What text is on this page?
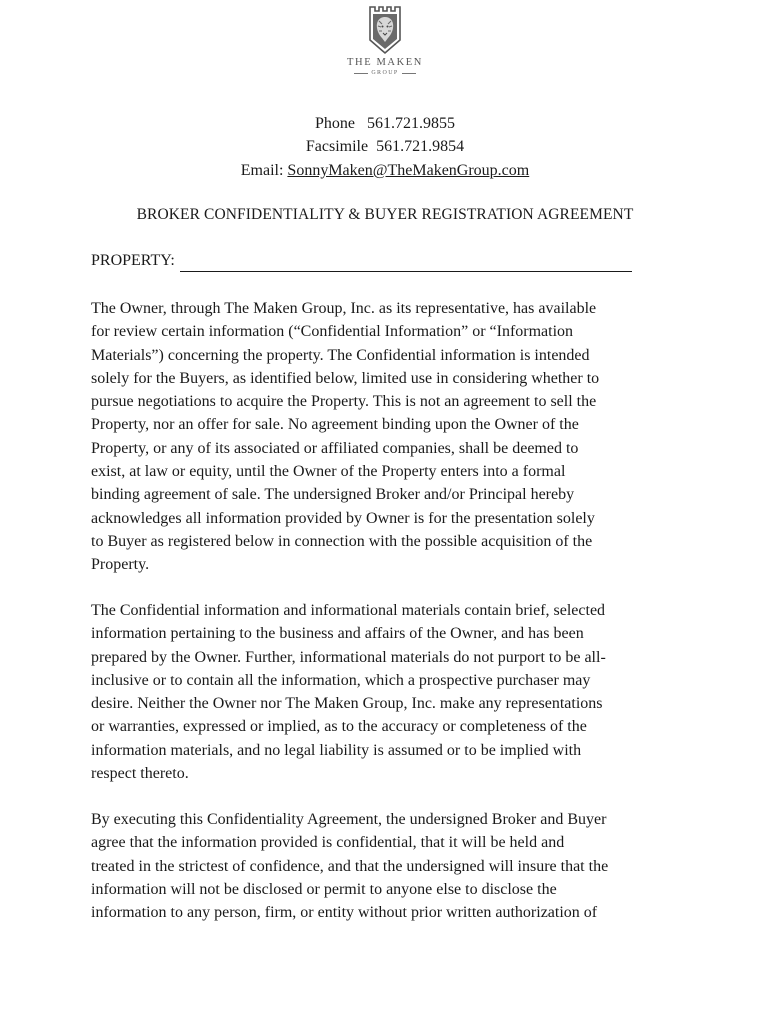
THE MAKEN
GROUP
Phone   561.721.9855
Facsimile  561.721.9854
Email: SonnyMaken@TheMakenGroup.com
BROKER CONFIDENTIALITY & BUYER REGISTRATION AGREEMENT
PROPERTY:
The Owner, through The Maken Group, Inc. as its representative, has available
for review certain information (“Confidential Information” or “Information
Materials”) concerning the property. The Confidential information is intended
solely for the Buyers, as identified below, limited use in considering whether to
pursue negotiations to acquire the Property. This is not an agreement to sell the
Property, nor an offer for sale. No agreement binding upon the Owner of the
Property, or any of its associated or affiliated companies, shall be deemed to
exist, at law or equity, until the Owner of the Property enters into a formal
binding agreement of sale. The undersigned Broker and/or Principal hereby
acknowledges all information provided by Owner is for the presentation solely
to Buyer as registered below in connection with the possible acquisition of the
Property.
The Confidential information and informational materials contain brief, selected
information pertaining to the business and affairs of the Owner, and has been
prepared by the Owner. Further, informational materials do not purport to be all-
inclusive or to contain all the information, which a prospective purchaser may
desire. Neither the Owner nor The Maken Group, Inc. make any representations
or warranties, expressed or implied, as to the accuracy or completeness of the
information materials, and no legal liability is assumed or to be implied with
respect thereto.
By executing this Confidentiality Agreement, the undersigned Broker and Buyer
agree that the information provided is confidential, that it will be held and
treated in the strictest of confidence, and that the undersigned will insure that the
information will not be disclosed or permit to anyone else to disclose the
information to any person, firm, or entity without prior written authorization of
